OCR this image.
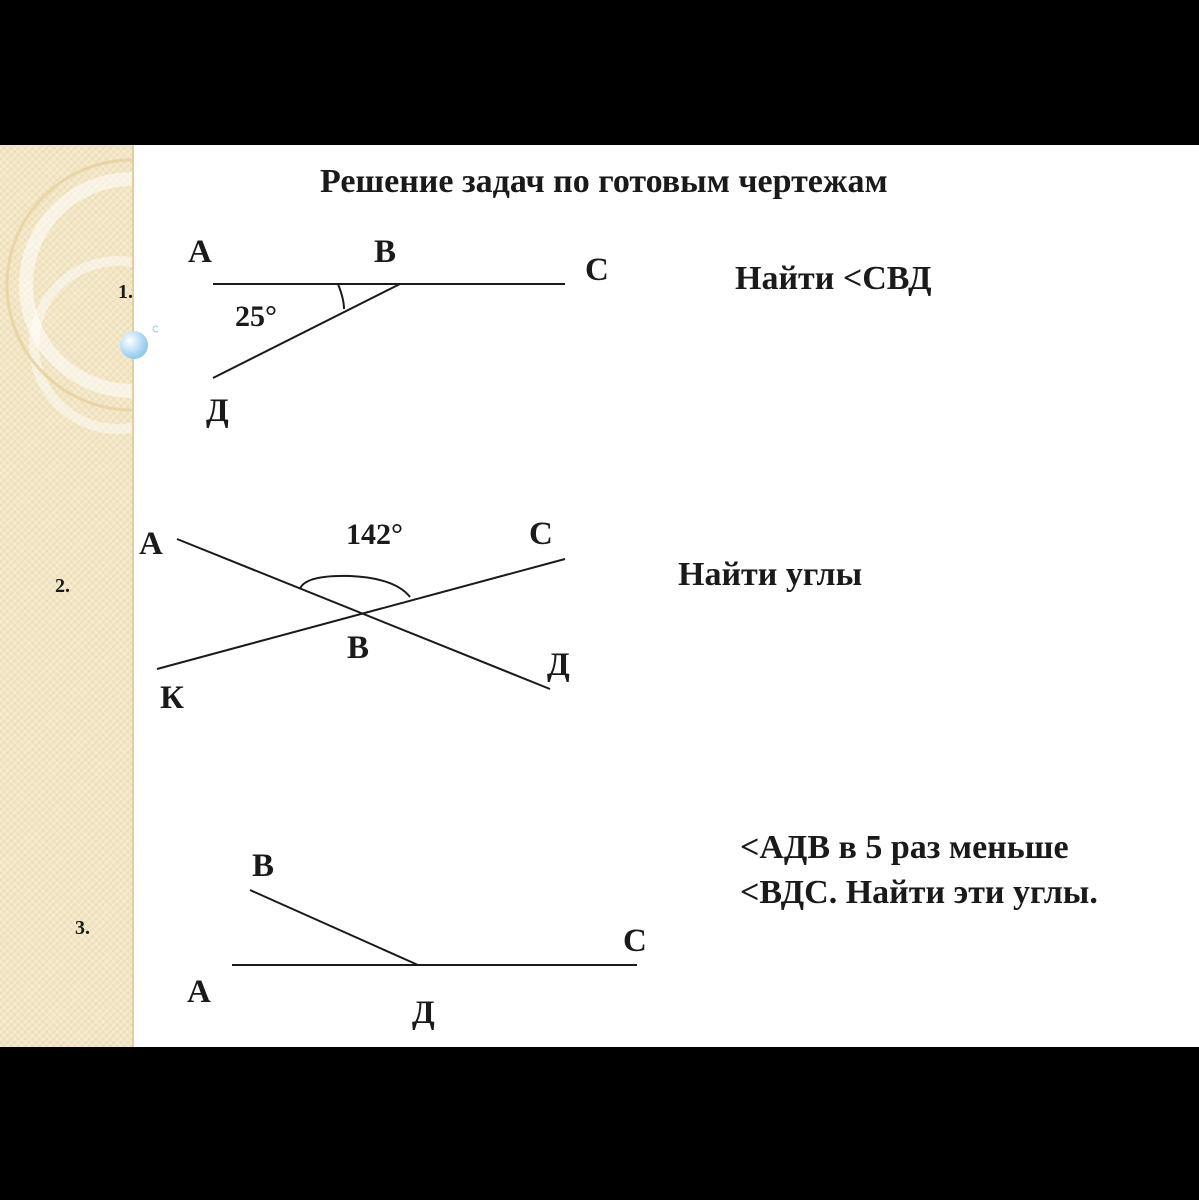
Решение задач по готовым чертежам
1.
А	В	С
Д
25°
Найти <СВД
2.
А	142°	С
В	Д
К
Найти углы
3.
В
С
А
Д
<АДВ в 5 раз меньше <ВДС. Найти эти углы.
